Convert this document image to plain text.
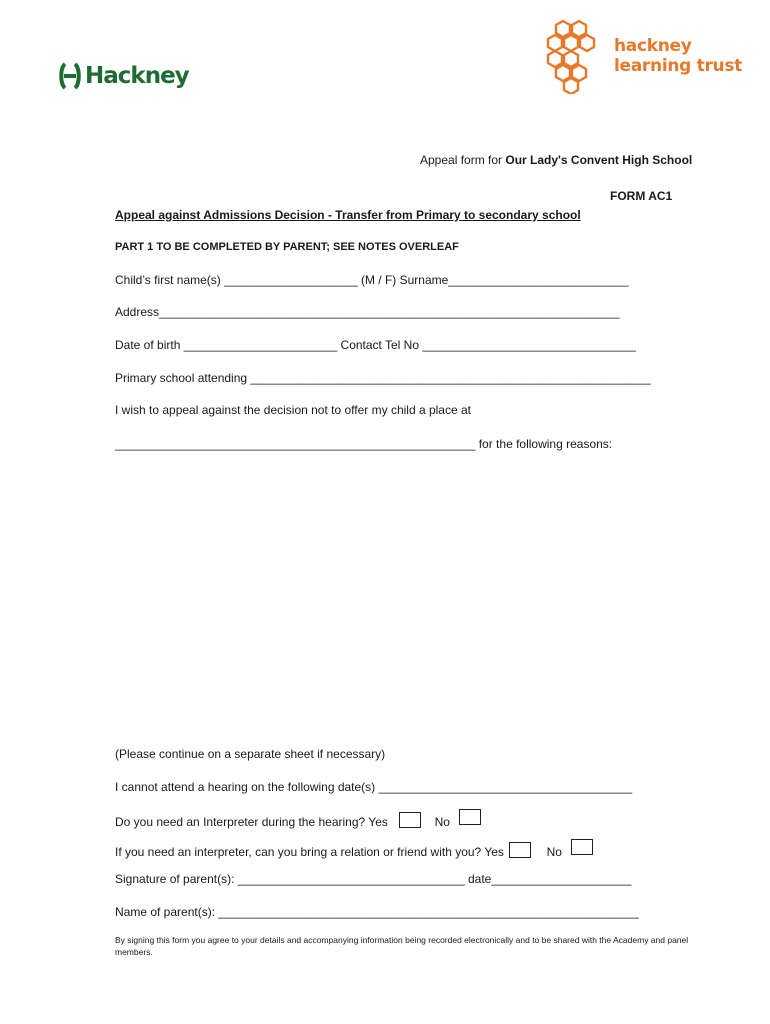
Hackney
hackney
learning trust
Appeal form for Our Lady's Convent High School
FORM AC1
Appeal against Admissions Decision - Transfer from Primary to secondary school
PART 1 TO BE COMPLETED BY PARENT; SEE NOTES OVERLEAF
Child’s first name(s) ____________________ (M / F) Surname___________________________
Address_____________________________________________________________________
Date of birth _______________________ Contact Tel No ________________________________
Primary school attending ____________________________________________________________
I wish to appeal against the decision not to offer my child a place at
______________________________________________________ for the following reasons:
(Please continue on a separate sheet if necessary)
I cannot attend a hearing on the following date(s) ______________________________________
Do you need an Interpreter during the hearing? Yes	No
If you need an interpreter, can you bring a relation or friend with you? Yes	No
Signature of parent(s): __________________________________ date_____________________
Name of parent(s): _______________________________________________________________
By signing this form you agree to your details and accompanying information being recorded electronically and to be shared with the Academy and panel members.
